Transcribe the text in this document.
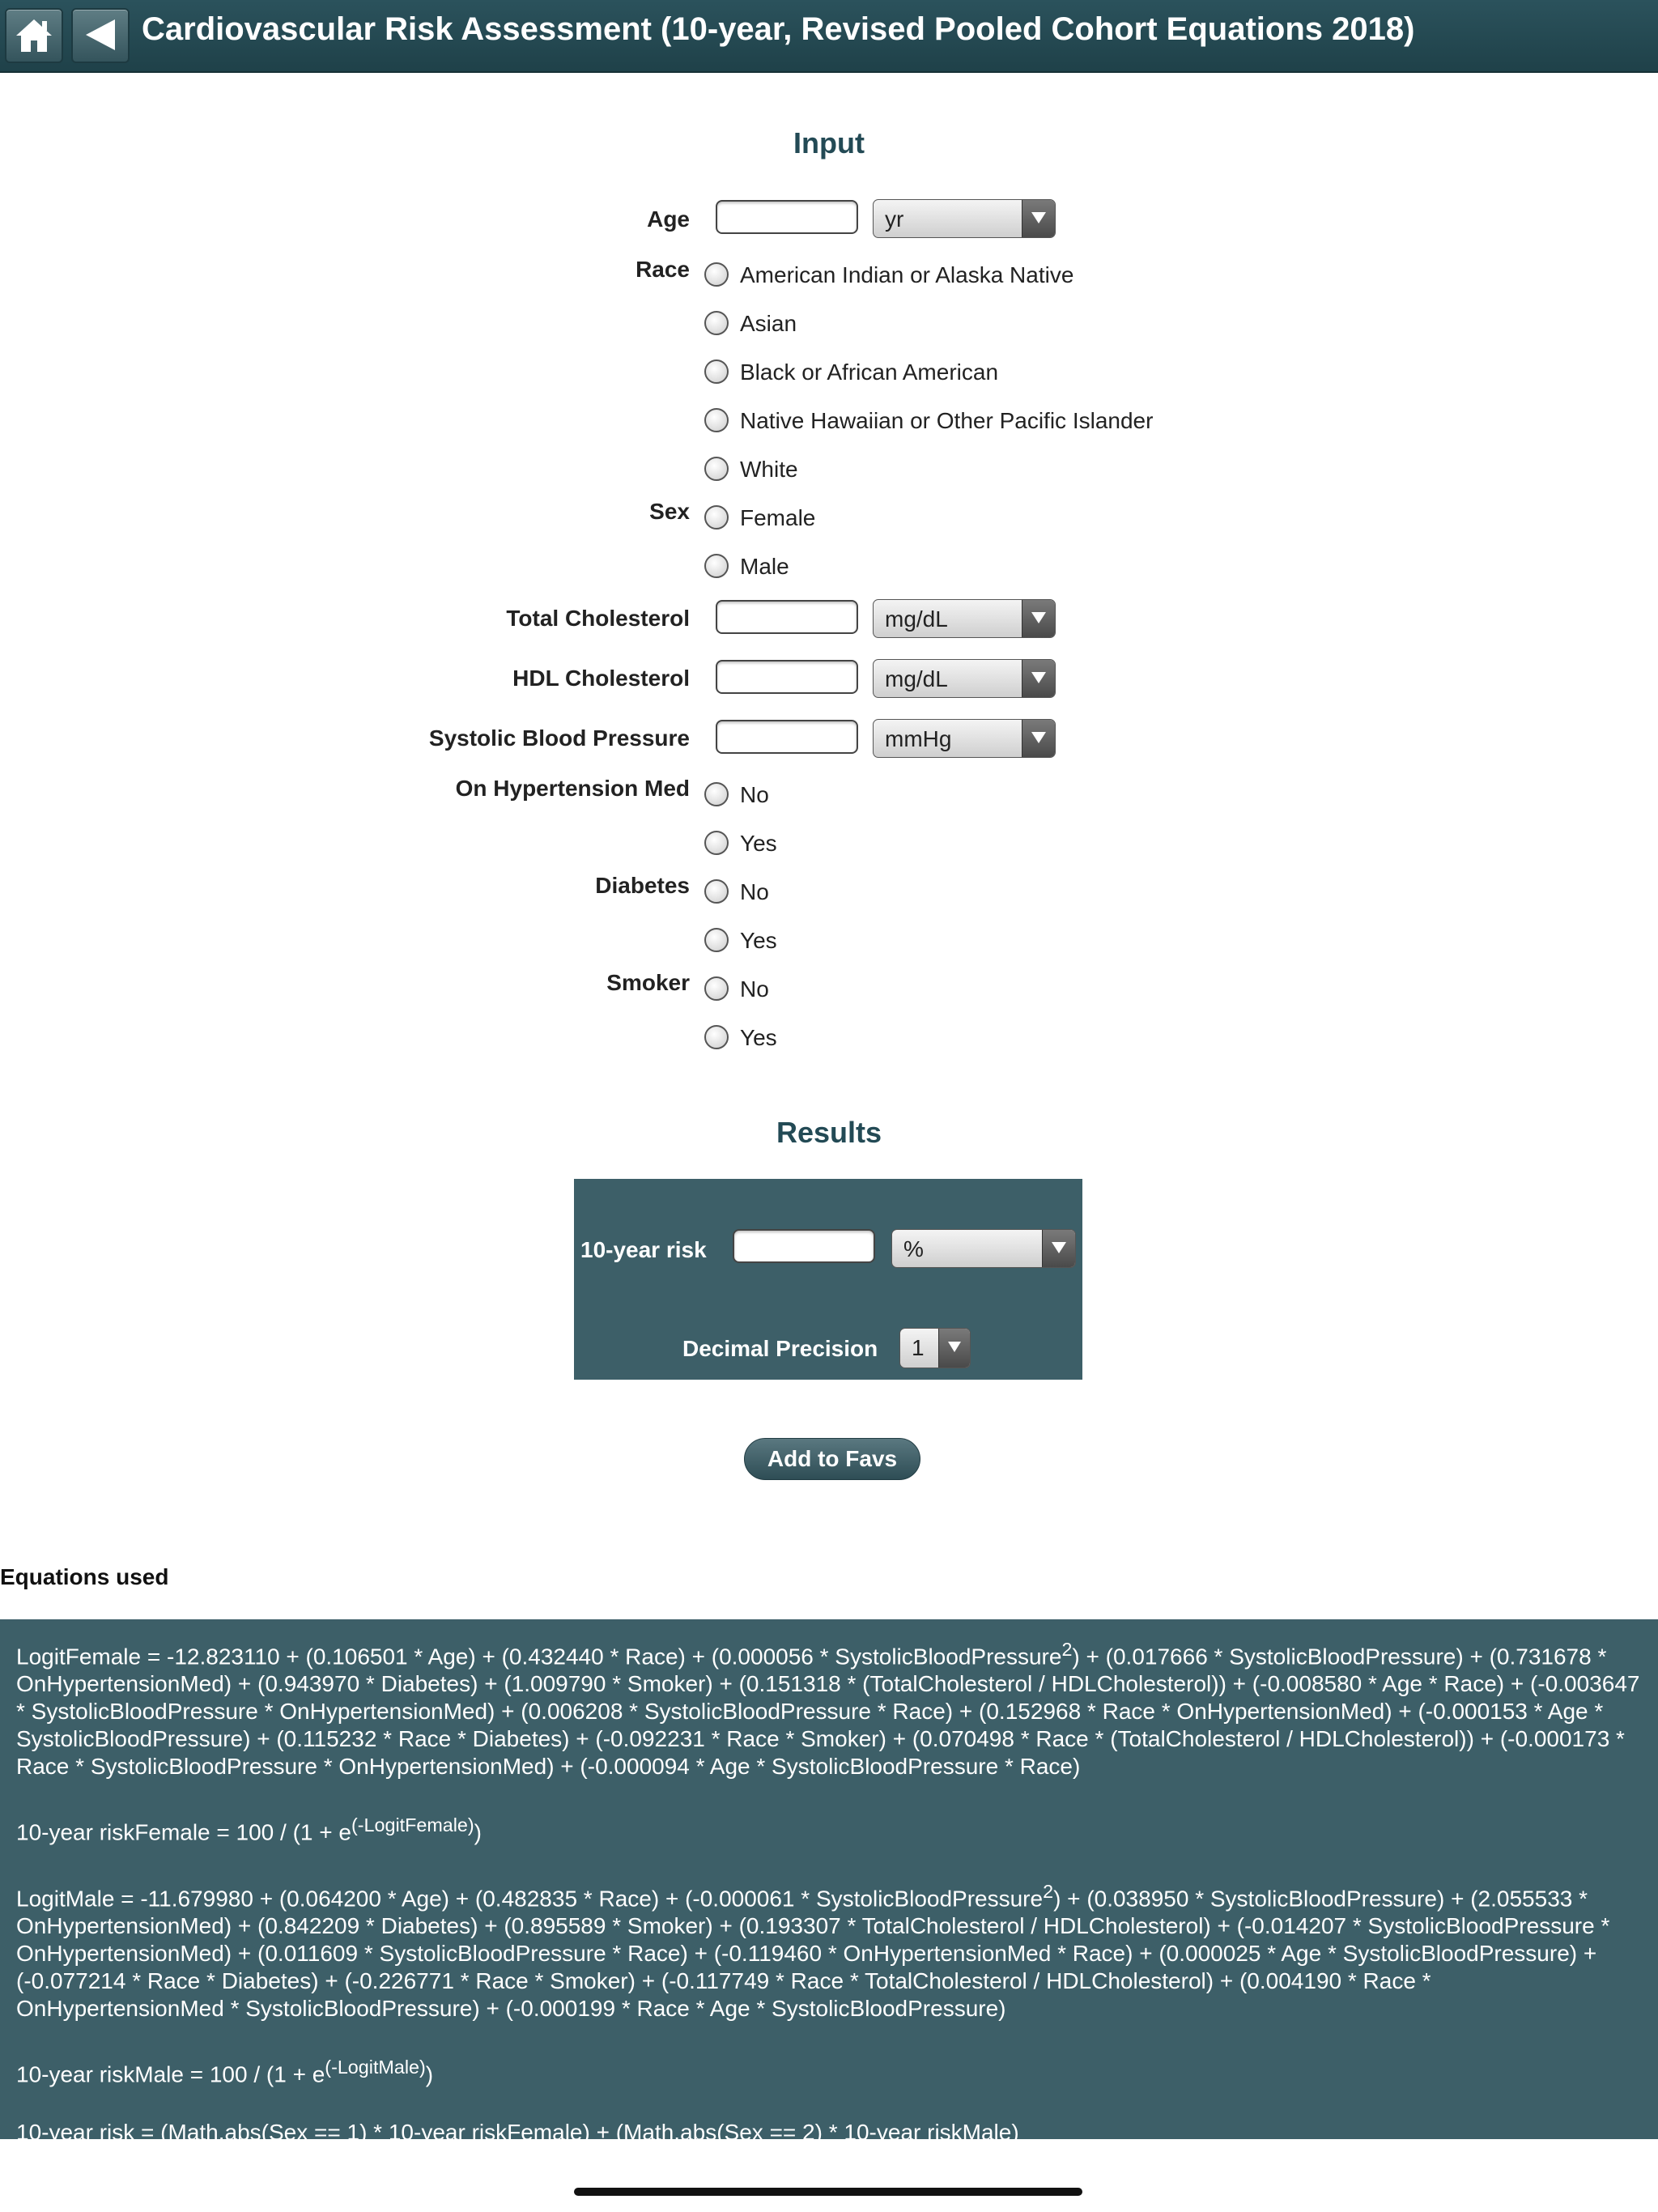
Cardiovascular Risk Assessment (10-year, Revised Pooled Cohort Equations 2018)
Input
Age	yr
Race American Indian or Alaska Native
Asian
Black or African American
Native Hawaiian or Other Pacific Islander
White
Sex Female
Male
Total Cholesterol	mg/dL
HDL Cholesterol	mg/dL
Systolic Blood Pressure	mmHg
On Hypertension Med No
Yes
Diabetes No
Yes
Smoker No
Yes
Results
10-year risk	%
Decimal Precision 1
Add to Favs
Equations used

LogitFemale = -12.823110 + (0.106501 * Age) + (0.432440 * Race) + (0.000056 * SystolicBloodPressure$^2$) + (0.017666 * SystolicBloodPressure) + (0.731678 * OnHypertensionMed) + (0.943970 * Diabetes) + (1.009790 * Smoker) + (0.151318 * (TotalCholesterol / HDLCholesterol)) + (-0.008580 * Age * Race) + (-0.003647 * SystolicBloodPressure * OnHypertensionMed) + (0.006208 * SystolicBloodPressure * Race) + (0.152968 * Race * OnHypertensionMed) + (-0.000153 * Age * SystolicBloodPressure) + (0.115232 * Race * Diabetes) + (-0.092231 * Race * Smoker) + (0.070498 * Race * (TotalCholesterol / HDLCholesterol)) + (-0.000173 * Race * SystolicBloodPressure * OnHypertensionMed) + (-0.000094 * Age * SystolicBloodPressure * Race)

10-year riskFemale = $100 / (1 + e^{(-LogitFemale)})$

LogitMale = -11.679980 + (0.064200 * Age) + (0.482835 * Race) + (-0.000061 * SystolicBloodPressure$^2$) + (0.038950 * SystolicBloodPressure) + (2.055533 * OnHypertensionMed) + (0.842209 * Diabetes) + (0.895589 * Smoker) + (0.193307 * TotalCholesterol / HDLCholesterol) + (-0.014207 * SystolicBloodPressure * OnHypertensionMed) + (0.011609 * SystolicBloodPressure * Race) + (-0.119460 * OnHypertensionMed * Race) + (0.000025 * Age * SystolicBloodPressure) + (-0.077214 * Race * Diabetes) + (-0.226771 * Race * Smoker) + (-0.117749 * Race * TotalCholesterol / HDLCholesterol) + (0.004190 * Race * OnHypertensionMed * SystolicBloodPressure) + (-0.000199 * Race * Age * SystolicBloodPressure)

10-year riskMale = $100 / (1 + e^{(-LogitMale)})$

10-year risk = (Math.abs(Sex == 1) * 10-year riskFemale) + (Math.abs(Sex == 2) * 10-year riskMale)
